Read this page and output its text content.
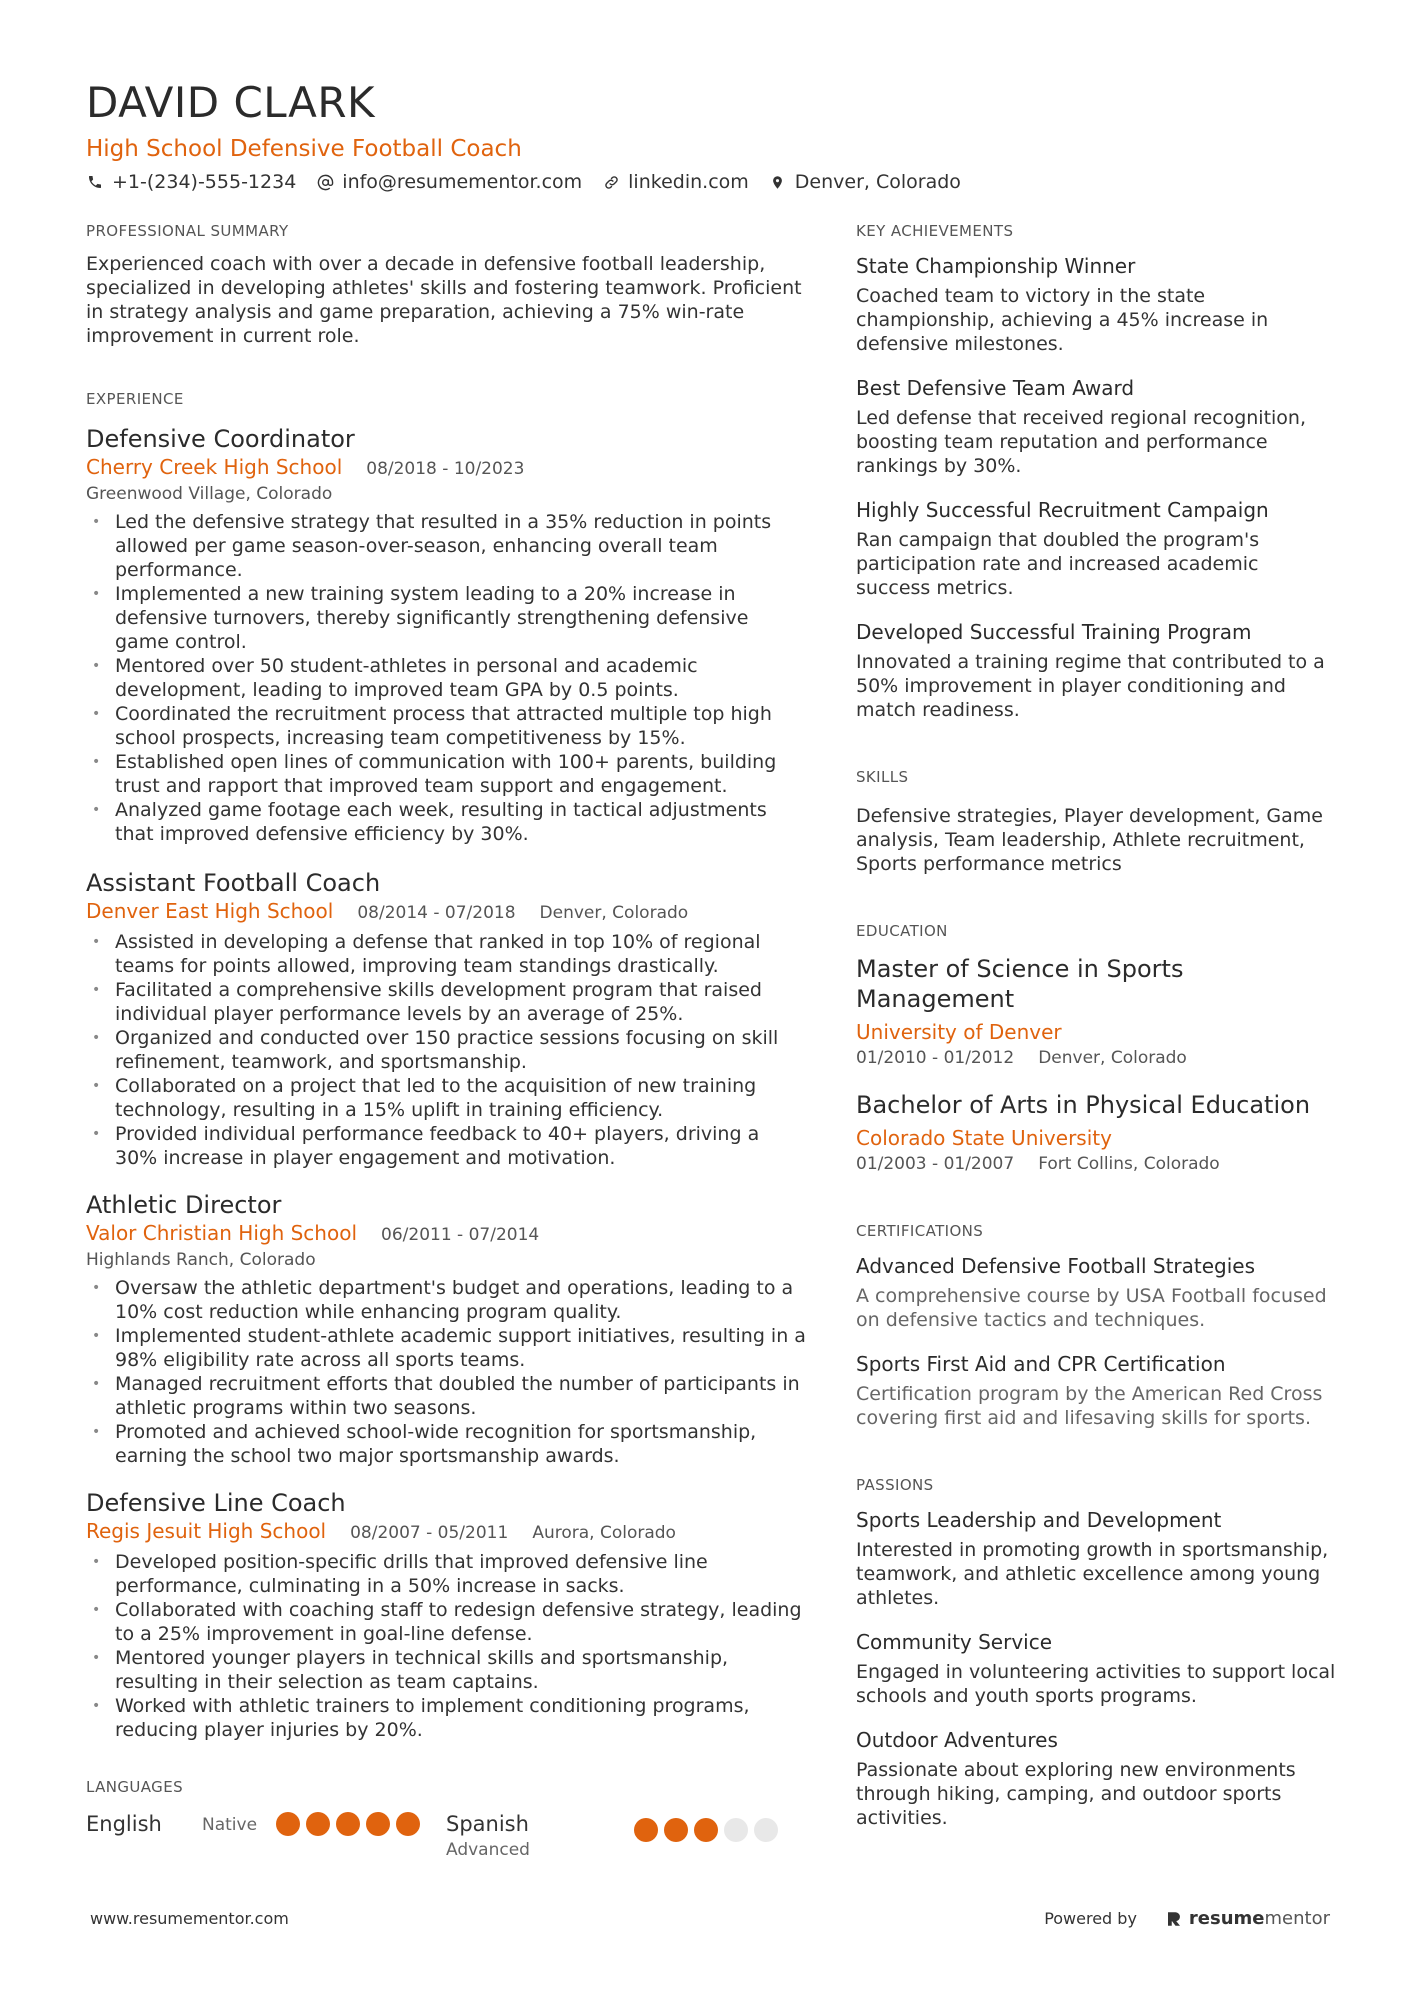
DAVID CLARK
High School Defensive Football Coach
+1-(234)-555-1234 info@resumementor.com linkedin.com Denver, Colorado
PROFESSIONAL SUMMARY
Experienced coach with over a decade in defensive football leadership, specialized in developing athletes' skills and fostering teamwork. Proficient in strategy analysis and game preparation, achieving a 75% win-rate improvement in current role.
EXPERIENCE
Defensive Coordinator
Cherry Creek High School 08/2018 - 10/2023
Greenwood Village, Colorado
• Led the defensive strategy that resulted in a 35% reduction in points allowed per game season-over-season, enhancing overall team performance.
• Implemented a new training system leading to a 20% increase in defensive turnovers, thereby significantly strengthening defensive game control.
• Mentored over 50 student-athletes in personal and academic development, leading to improved team GPA by 0.5 points.
• Coordinated the recruitment process that attracted multiple top high school prospects, increasing team competitiveness by 15%.
• Established open lines of communication with 100+ parents, building trust and rapport that improved team support and engagement.
• Analyzed game footage each week, resulting in tactical adjustments that improved defensive efficiency by 30%.
Assistant Football Coach
Denver East High School 08/2014 - 07/2018 Denver, Colorado
• Assisted in developing a defense that ranked in top 10% of regional teams for points allowed, improving team standings drastically.
• Facilitated a comprehensive skills development program that raised individual player performance levels by an average of 25%.
• Organized and conducted over 150 practice sessions focusing on skill refinement, teamwork, and sportsmanship.
• Collaborated on a project that led to the acquisition of new training technology, resulting in a 15% uplift in training efficiency.
• Provided individual performance feedback to 40+ players, driving a 30% increase in player engagement and motivation.
Athletic Director
Valor Christian High School 06/2011 - 07/2014
Highlands Ranch, Colorado
• Oversaw the athletic department's budget and operations, leading to a 10% cost reduction while enhancing program quality.
• Implemented student-athlete academic support initiatives, resulting in a 98% eligibility rate across all sports teams.
• Managed recruitment efforts that doubled the number of participants in athletic programs within two seasons.
• Promoted and achieved school-wide recognition for sportsmanship, earning the school two major sportsmanship awards.
Defensive Line Coach
Regis Jesuit High School 08/2007 - 05/2011 Aurora, Colorado
• Developed position-specific drills that improved defensive line performance, culminating in a 50% increase in sacks.
• Collaborated with coaching staff to redesign defensive strategy, leading to a 25% improvement in goal-line defense.
• Mentored younger players in technical skills and sportsmanship, resulting in their selection as team captains.
• Worked with athletic trainers to implement conditioning programs, reducing player injuries by 20%.
LANGUAGES
English	Native	Spanish
Advanced
KEY ACHIEVEMENTS
State Championship Winner
Coached team to victory in the state championship, achieving a 45% increase in defensive milestones.
Best Defensive Team Award
Led defense that received regional recognition, boosting team reputation and performance rankings by 30%.
Highly Successful Recruitment Campaign
Ran campaign that doubled the program's participation rate and increased academic success metrics.
Developed Successful Training Program
Innovated a training regime that contributed to a 50% improvement in player conditioning and match readiness.
SKILLS
Defensive strategies, Player development, Game analysis, Team leadership, Athlete recruitment, Sports performance metrics
EDUCATION
Master of Science in Sports Management
University of Denver
01/2010 - 01/2012 Denver, Colorado
Bachelor of Arts in Physical Education
Colorado State University
01/2003 - 01/2007 Fort Collins, Colorado
CERTIFICATIONS
Advanced Defensive Football Strategies
A comprehensive course by USA Football focused on defensive tactics and techniques.
Sports First Aid and CPR Certification
Certification program by the American Red Cross covering first aid and lifesaving skills for sports.
PASSIONS
Sports Leadership and Development
Interested in promoting growth in sportsmanship, teamwork, and athletic excellence among young athletes.
Community Service
Engaged in volunteering activities to support local schools and youth sports programs.
Outdoor Adventures
Passionate about exploring new environments through hiking, camping, and outdoor sports activities.
www.resumementor.com	Powered by	resume mentor
